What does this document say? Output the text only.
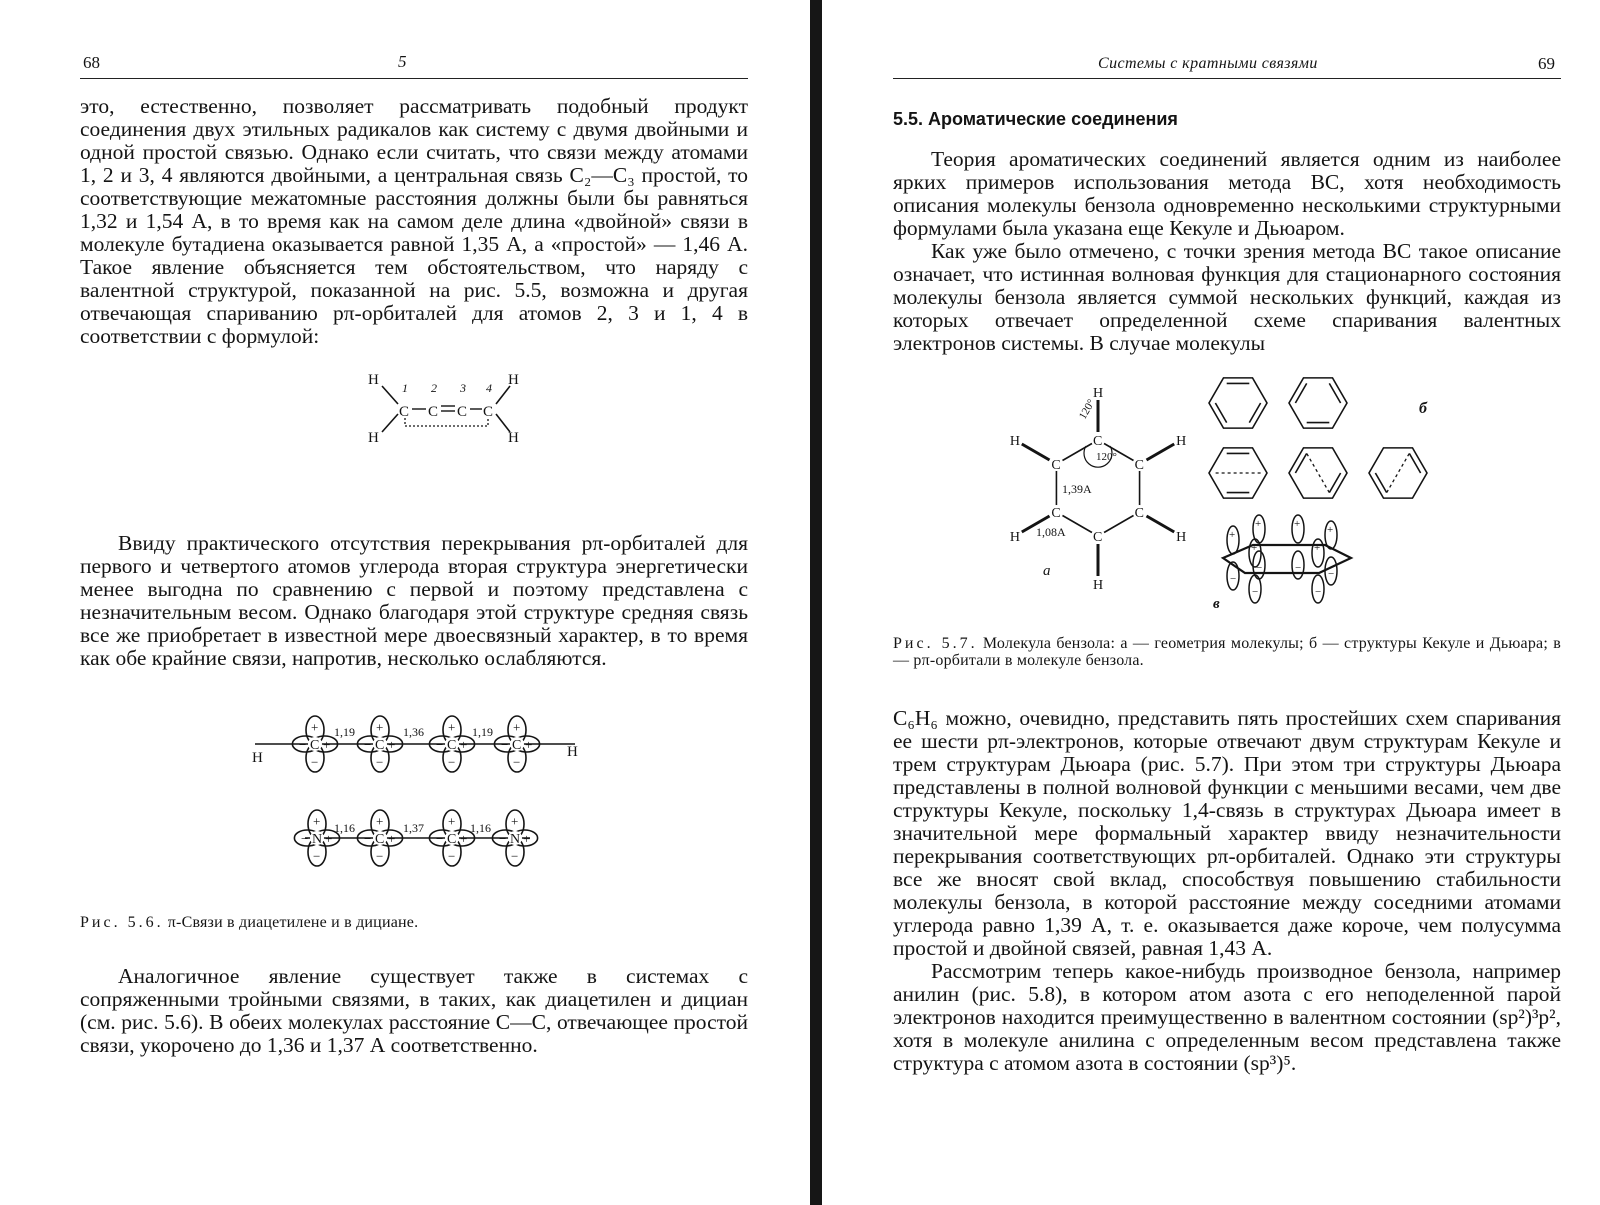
68	5

это, естественно, позволяет рассматривать подобный продукт соединения двух этильных радикалов как систему с двумя двойными и одной простой связью. Однако если считать, что связи между атомами 1, 2 и 3, 4 являются двойными, а центральная связь C₂—C₃ простой, то соответствующие межатомные расстояния должны были бы равняться 1,32 и 1,54 А, в то время как на самом деле длина «двойной» связи в молекуле бутадиена оказывается равной 1,35 А, а «простой» — 1,46 А. Такое явление объясняется тем обстоятельством, что наряду с валентной структурой, показанной на рис. 5.5, возможна и другая отвечающая спариванию pπ-орбиталей для атомов 2, 3 и 1, 4 в соответствии с формулой:

H
H
C C C C
H
H
1 2 3 4

Ввиду практического отсутствия перекрывания pπ-орбиталей для первого и четвертого атомов углерода вторая структура энергетически менее выгодна по сравнению с первой и поэтому представлена с незначительным весом. Однако благодаря этой структуре средняя связь все же приобретает в известной мере двоесвязный характер, в то время как обе крайние связи, напротив, несколько ослабляются.

+
−
− +
C
+
−
− +
C
+
−
− +
C
+
−
− +
C
H	H
1,19	1,36	1,19
+
−
− +
N
+
−
− +
C
+
−
− +
C
+
−
− +
N
1,16	1,37	1,16
Рис. 5.6. π-Связи в диацетилене и в дициане.

Аналогичное явление существует также в системах с сопряженными тройными связями, в таких, как диацетилен и дициан (см. рис. 5.6). В обеих молекулах расстояние C—C, отвечающее простой связи, укорочено до 1,36 и 1,37 А соответственно.

Системы с кратными связями	69
5.5. Ароматические соединения

Теория ароматических соединений является одним из наиболее ярких примеров использования метода ВС, хотя необходимость описания молекулы бензола одновременно несколькими структурными формулами была указана еще Кекуле и Дьюаром.

Как уже было отмечено, с точки зрения метода ВС такое описание означает, что истинная волновая функция для стационарного состояния молекулы бензола является суммой нескольких функций, каждая из которых отвечает определенной схеме спаривания валентных электронов системы. В случае молекулы

C
H
C
H
C
H
C
H
C
H
C
H
120°
120°
1,39А
1,08А
а
б
+
−
+
−
+
−
+
−
+
−
+
−
в
Рис. 5.7. Молекула бензола: а — геометрия молекулы; б — структуры Кекуле и Дьюара; в — pπ-орбитали в молекуле бензола.

C₆H₆ можно, очевидно, представить пять простейших схем спаривания ее шести pπ-электронов, которые отвечают двум структурам Кекуле и трем структурам Дьюара (рис. 5.7). При этом три структуры Дьюара представлены в полной волновой функции с меньшими весами, чем две структуры Кекуле, поскольку 1,4-связь в структурах Дьюара имеет в значительной мере формальный характер ввиду незначительности перекрывания соответствующих pπ-орбиталей. Однако эти структуры все же вносят свой вклад, способствуя повышению стабильности молекулы бензола, в которой расстояние между соседними атомами углерода равно 1,39 А, т. е. оказывается даже короче, чем полусумма простой и двойной связей, равная 1,43 А.

Рассмотрим теперь какое-нибудь производное бензола, например анилин (рис. 5.8), в котором атом азота с его неподеленной парой электронов находится преимущественно в валентном состоянии (sp²)³p², хотя в молекуле анилина с определенным весом представлена также структура с атомом азота в состоянии (sp³)⁵.
